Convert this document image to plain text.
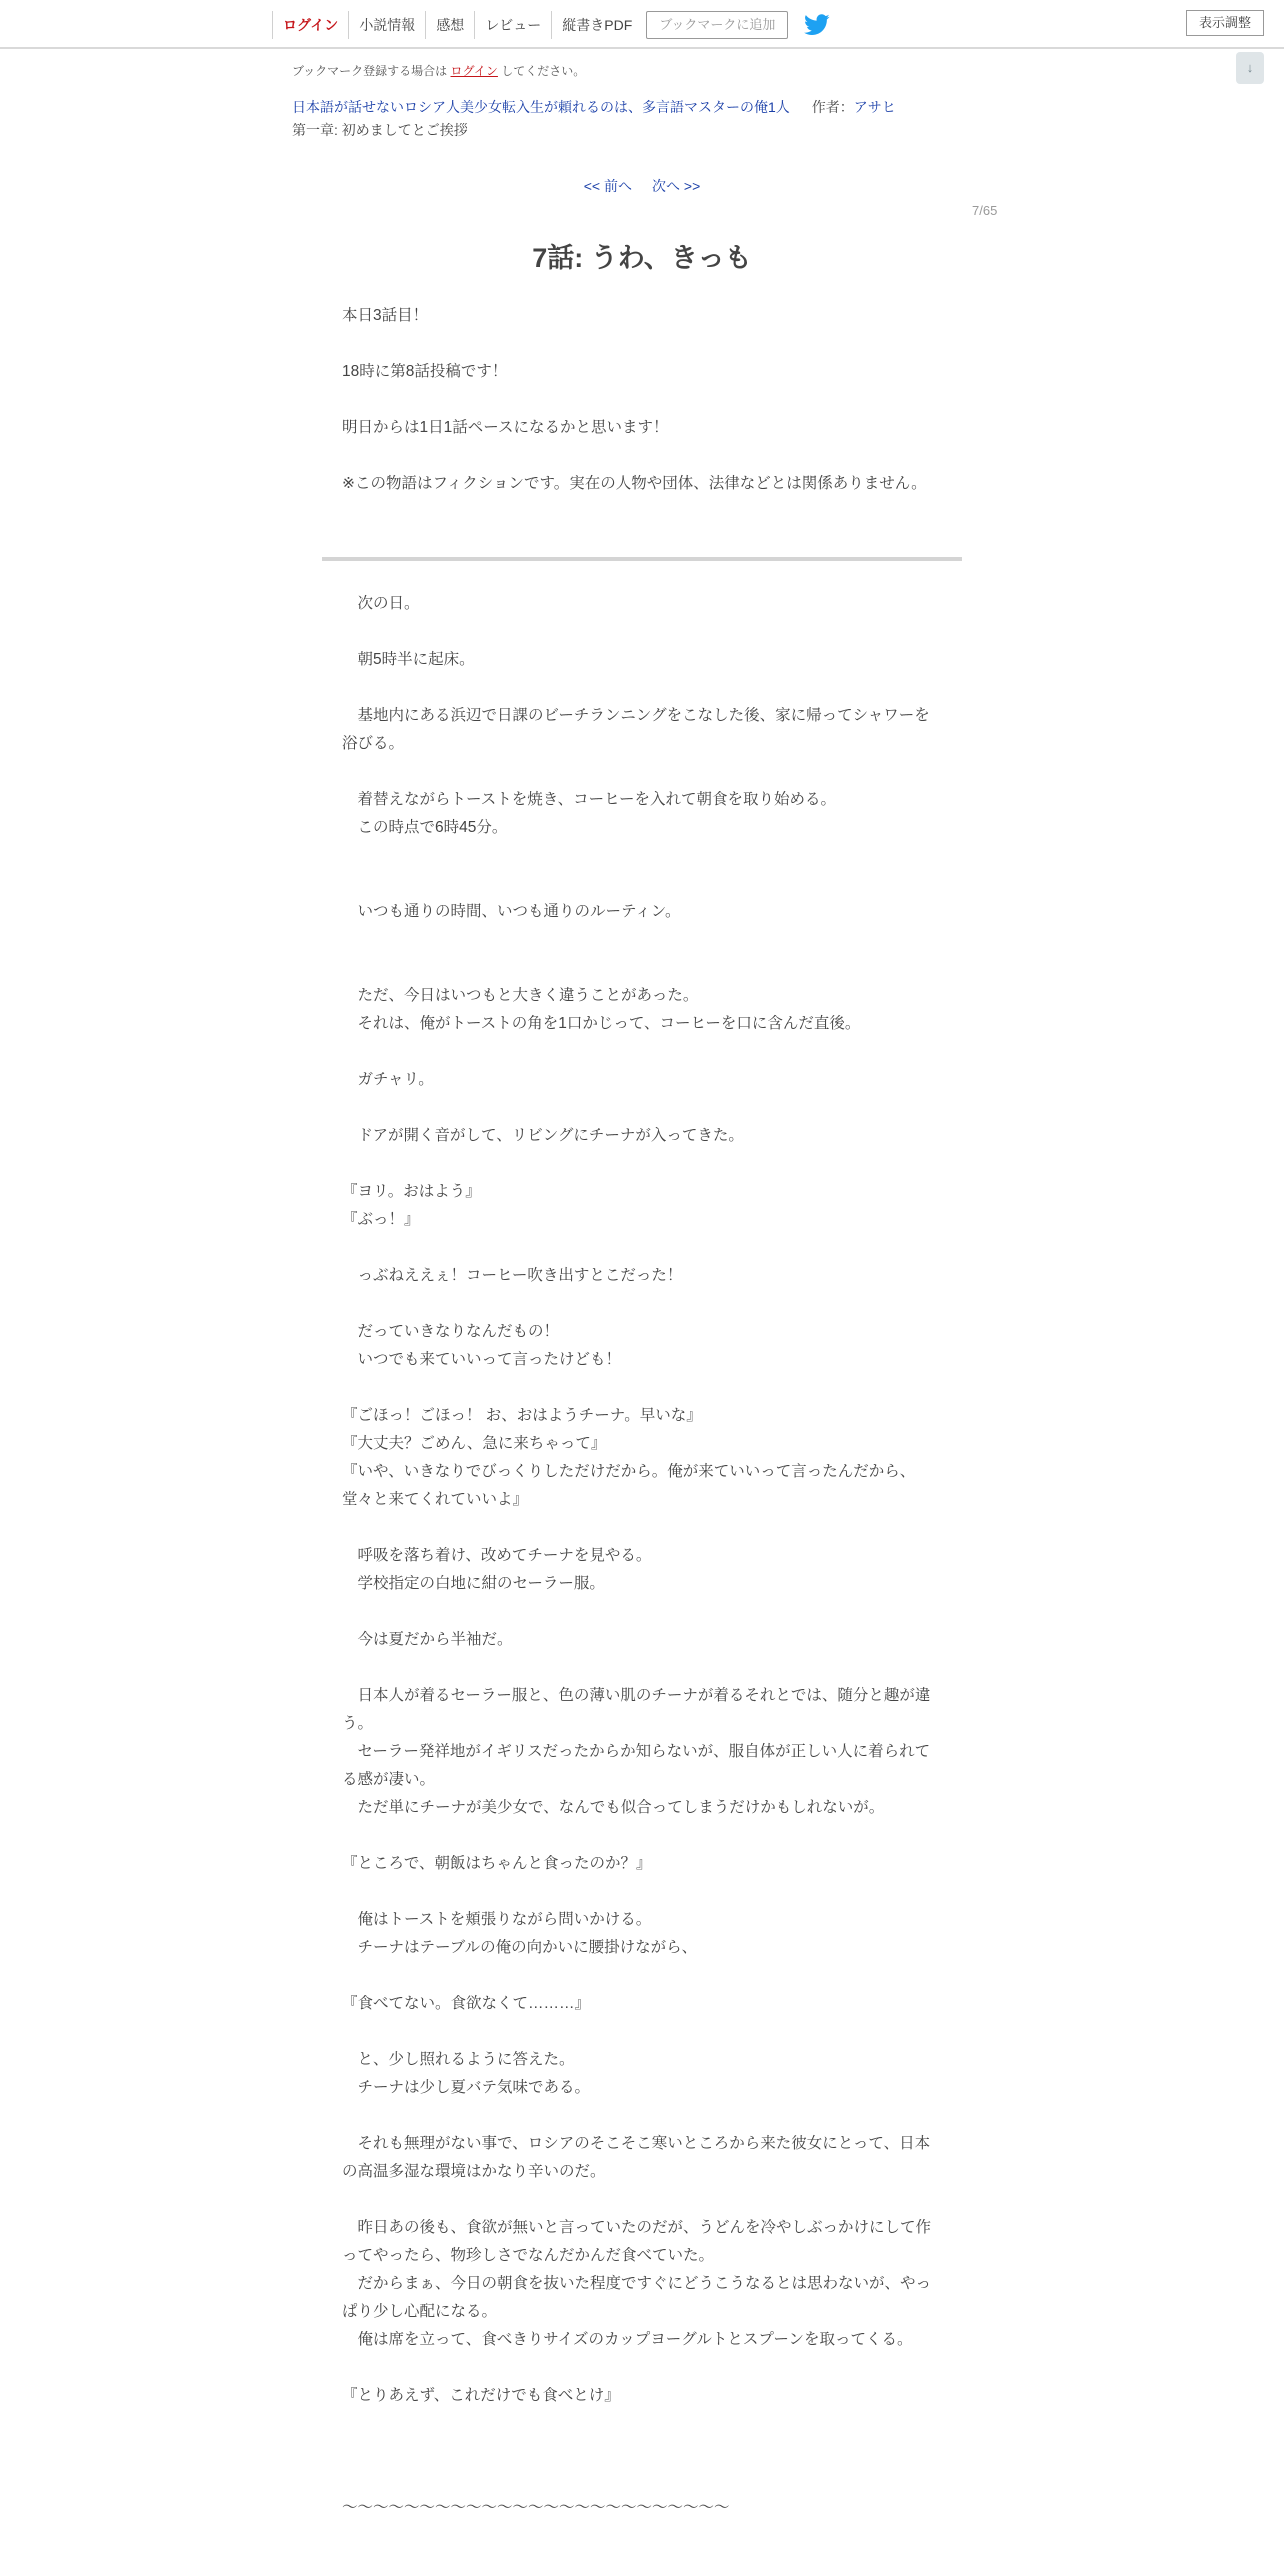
ログイン	小説情報	感想	レビュー	縦書きPDF	ブックマークに追加	表示調整
↓
ブックマーク登録する場合は ログイン してください。
日本語が話せないロシア人美少女転入生が頼れるのは、多言語マスターの俺1人 作者：アサヒ
第一章: 初めましてとご挨拶
<< 前へ 次へ >>
7/65
7話: うわ、きっも
本日3話目！
18時に第8話投稿です！
明日からは1日1話ペースになるかと思います！
※この物語はフィクションです。実在の人物や団体、法律などとは関係ありません。
　次の日。
　朝5時半に起床。
　基地内にある浜辺で日課のビーチランニングをこなした後、家に帰ってシャワーを浴びる。
　着替えながらトーストを焼き、コーヒーを入れて朝食を取り始める。
　この時点で6時45分。
　いつも通りの時間、いつも通りのルーティン。
　ただ、今日はいつもと大きく違うことがあった。
　それは、俺がトーストの角を1口かじって、コーヒーを口に含んだ直後。
　ガチャリ。
　ドアが開く音がして、リビングにチーナが入ってきた。
『ヨリ。おはよう』
『ぶっ！』
　っぶねええぇ！コーヒー吹き出すとこだった！
　だっていきなりなんだもの！
　いつでも来ていいって言ったけども！
『ごほっ！ごほっ！ お、おはようチーナ。早いな』
『大丈夫？ごめん、急に来ちゃって』
『いや、いきなりでびっくりしただけだから。俺が来ていいって言ったんだから、堂々と来てくれていいよ』
　呼吸を落ち着け、改めてチーナを見やる。
　学校指定の白地に紺のセーラー服。
　今は夏だから半袖だ。
　日本人が着るセーラー服と、色の薄い肌のチーナが着るそれとでは、随分と趣が違う。
　セーラー発祥地がイギリスだったからか知らないが、服自体が正しい人に着られてる感が凄い。
　ただ単にチーナが美少女で、なんでも似合ってしまうだけかもしれないが。
『ところで、朝飯はちゃんと食ったのか？』
　俺はトーストを頬張りながら問いかける。
　チーナはテーブルの俺の向かいに腰掛けながら、
『食べてない。食欲なくて………』
　と、少し照れるように答えた。
　チーナは少し夏バテ気味である。
　それも無理がない事で、ロシアのそこそこ寒いところから来た彼女にとって、日本の高温多湿な環境はかなり辛いのだ。
　昨日あの後も、食欲が無いと言っていたのだが、うどんを冷やしぶっかけにして作ってやったら、物珍しさでなんだかんだ食べていた。
　だからまぁ、今日の朝食を抜いた程度ですぐにどうこうなるとは思わないが、やっぱり少し心配になる。
　俺は席を立って、食べきりサイズのカップヨーグルトとスプーンを取ってくる。
『とりあえず、これだけでも食べとけ』
～～～～～～～～～～～～～～～～～～～～～～～～～
